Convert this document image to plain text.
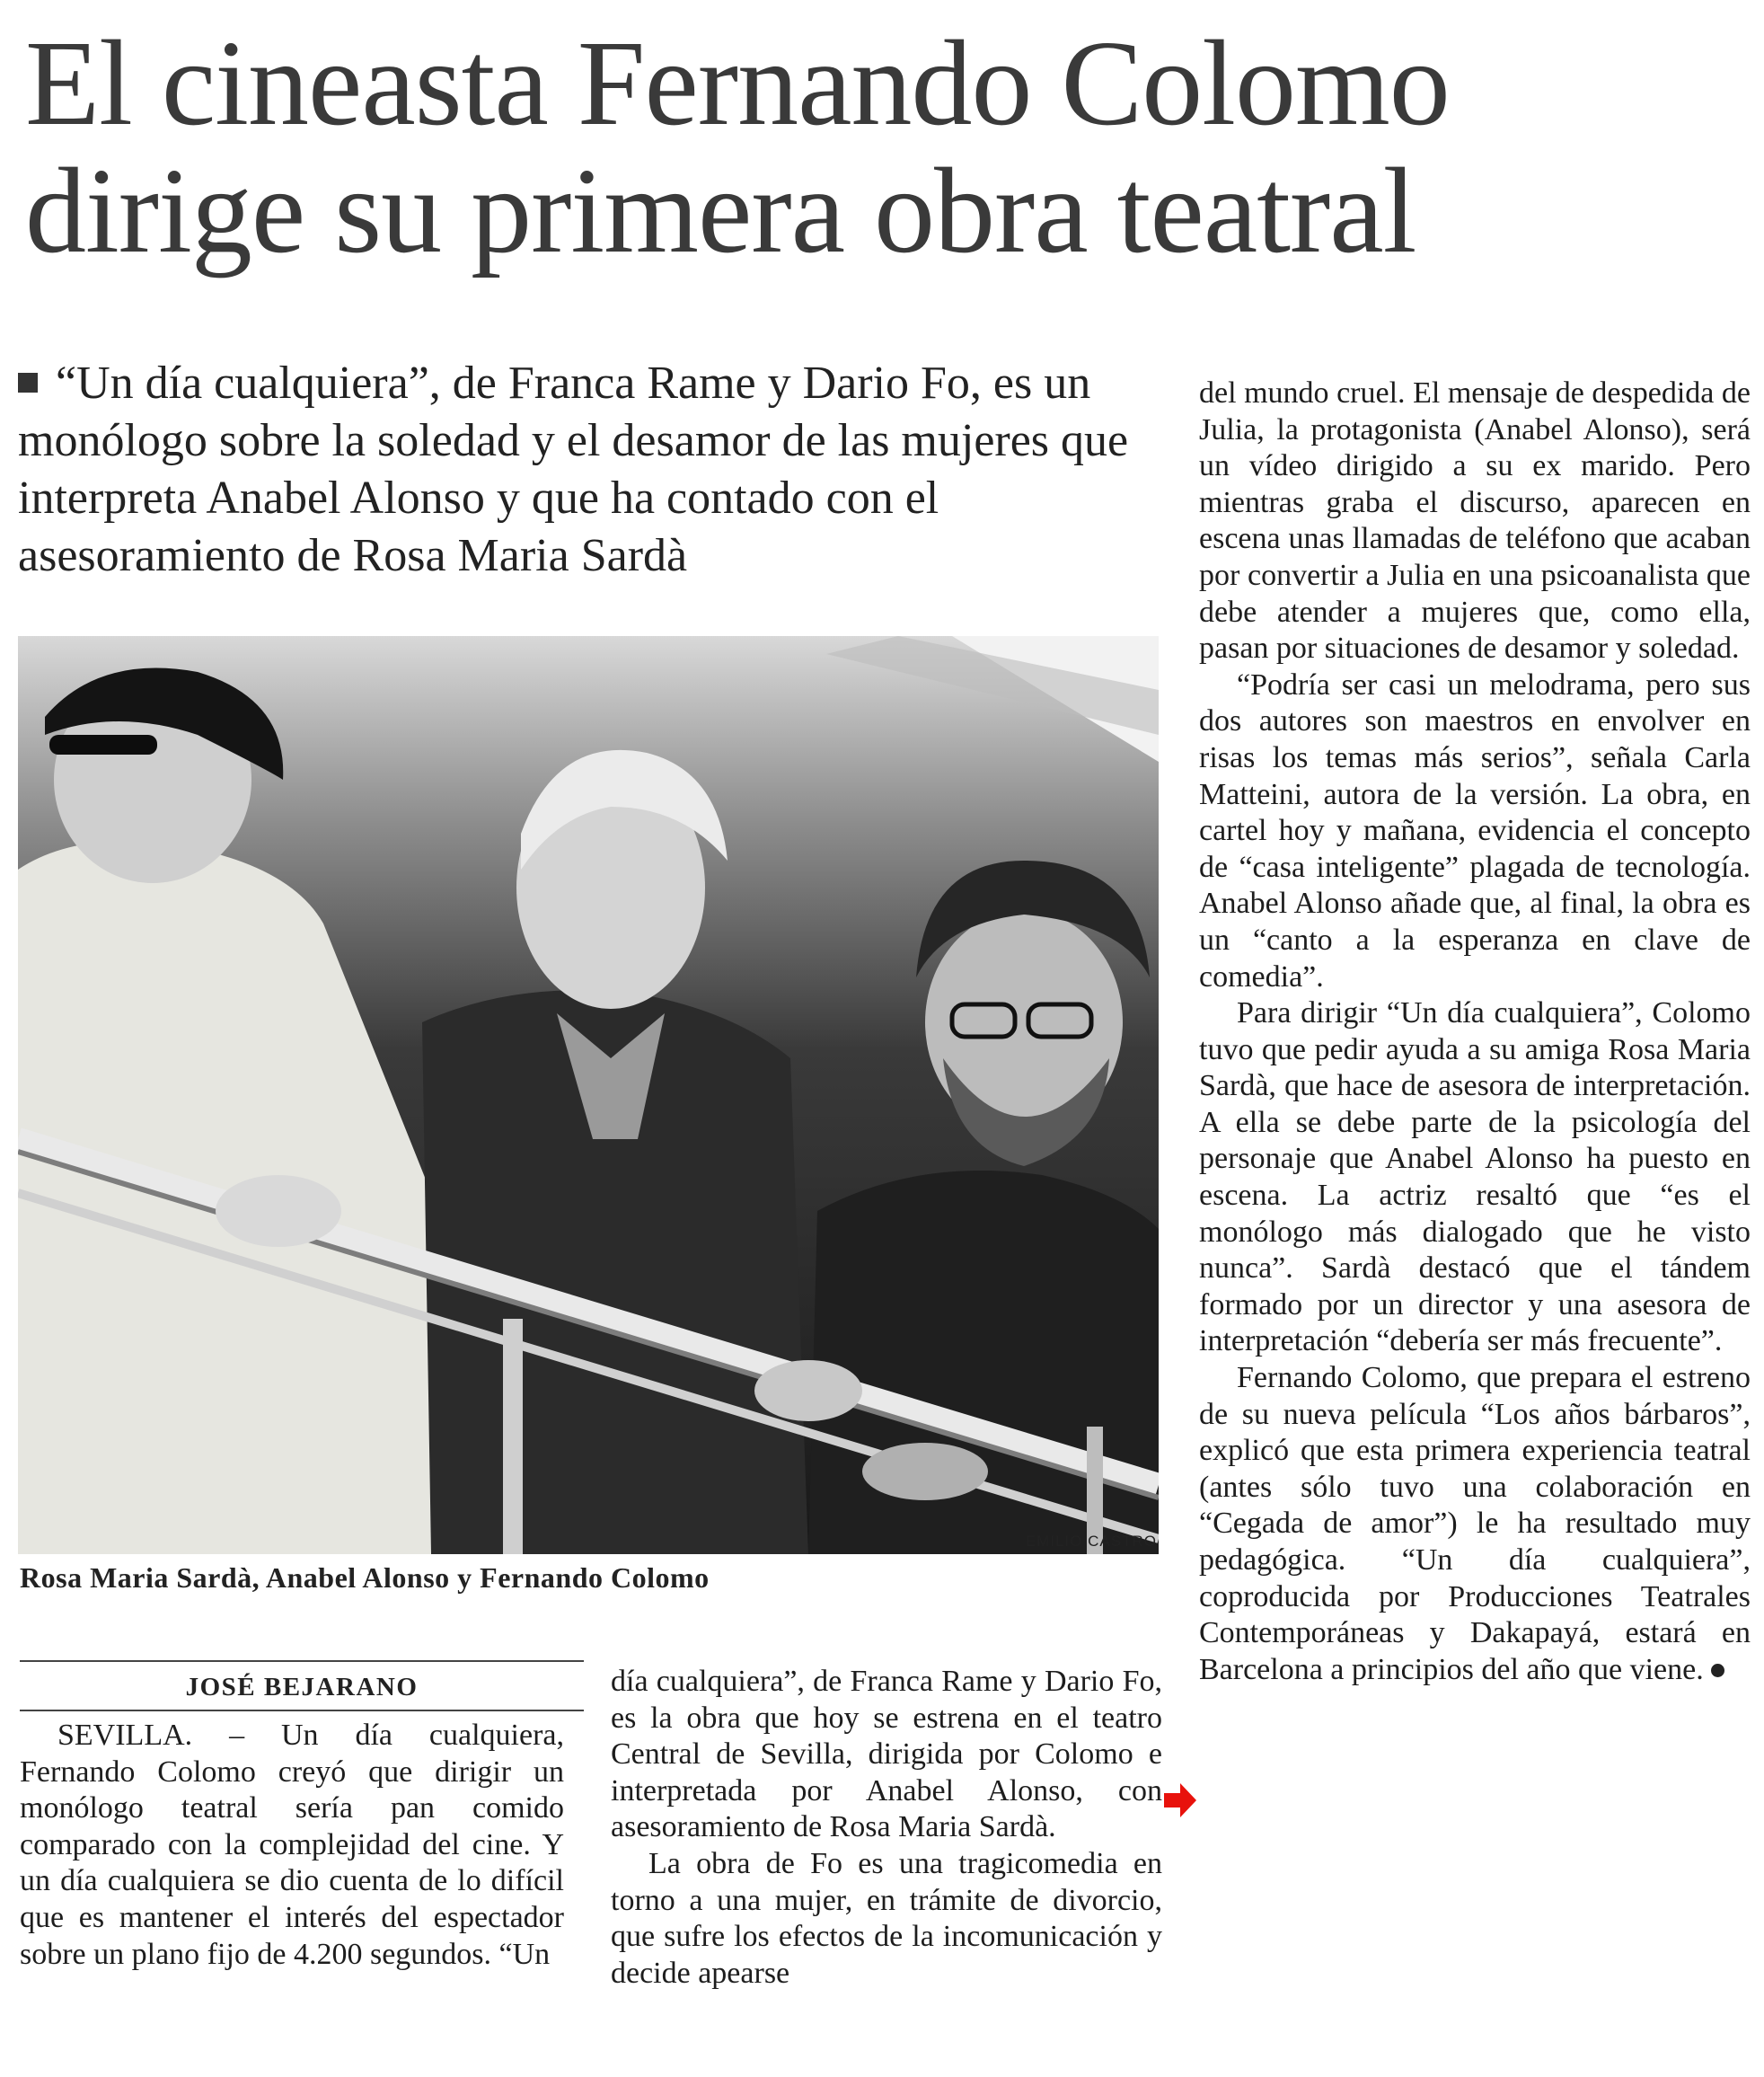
El cineasta Fernando Colomo
dirige su primera obra teatral

“Un día cualquiera”, de Franca Rame y Dario Fo, es un monólogo sobre la soledad y el desamor de las mujeres que interpreta Anabel Alonso y que ha contado con el asesoramiento de Rosa Maria Sardà

EMILIO CASTRO
Rosa Maria Sardà, Anabel Alonso y Fernando Colomo
JOSÉ BEJARANO

SEVILLA. – Un día cualquiera, Fernando Colomo creyó que dirigir un monólogo teatral sería pan comido comparado con la complejidad del cine. Y un día cualquiera se dio cuenta de lo difícil que es mantener el interés del espectador sobre un plano fijo de 4.200 segundos. “Un

día cualquiera”, de Franca Rame y Dario Fo, es la obra que hoy se estrena en el teatro Central de Sevilla, dirigida por Colomo e interpretada por Anabel Alonso, con asesoramiento de Rosa Maria Sardà.

La obra de Fo es una tragicomedia en torno a una mujer, en trámite de divorcio, que sufre los efectos de la incomunicación y decide apearse

del mundo cruel. El mensaje de despedida de Julia, la protagonista (Anabel Alonso), será un vídeo dirigido a su ex marido. Pero mientras graba el discurso, aparecen en escena unas llamadas de teléfono que acaban por convertir a Julia en una psicoanalista que debe atender a mujeres que, como ella, pasan por situaciones de desamor y soledad.

“Podría ser casi un melodrama, pero sus dos autores son maestros en envolver en risas los temas más serios”, señala Carla Matteini, autora de la versión. La obra, en cartel hoy y mañana, evidencia el concepto de “casa inteligente” plagada de tecnología. Anabel Alonso añade que, al final, la obra es un “canto a la esperanza en clave de comedia”.

Para dirigir “Un día cualquiera”, Colomo tuvo que pedir ayuda a su amiga Rosa Maria Sardà, que hace de asesora de interpretación. A ella se debe parte de la psicología del personaje que Anabel Alonso ha puesto en escena. La actriz resaltó que “es el monólogo más dialogado que he visto nunca”. Sardà destacó que el tándem formado por un director y una asesora de interpretación “debería ser más frecuente”.

Fernando Colomo, que prepara el estreno de su nueva película “Los años bárbaros”, explicó que esta primera experiencia teatral (antes sólo tuvo una colaboración en “Cegada de amor”) le ha resultado muy pedagógica. “Un día cualquiera”, coproducida por Producciones Teatrales Contemporáneas y Dakapayá, estará en Barcelona a principios del año que viene.
